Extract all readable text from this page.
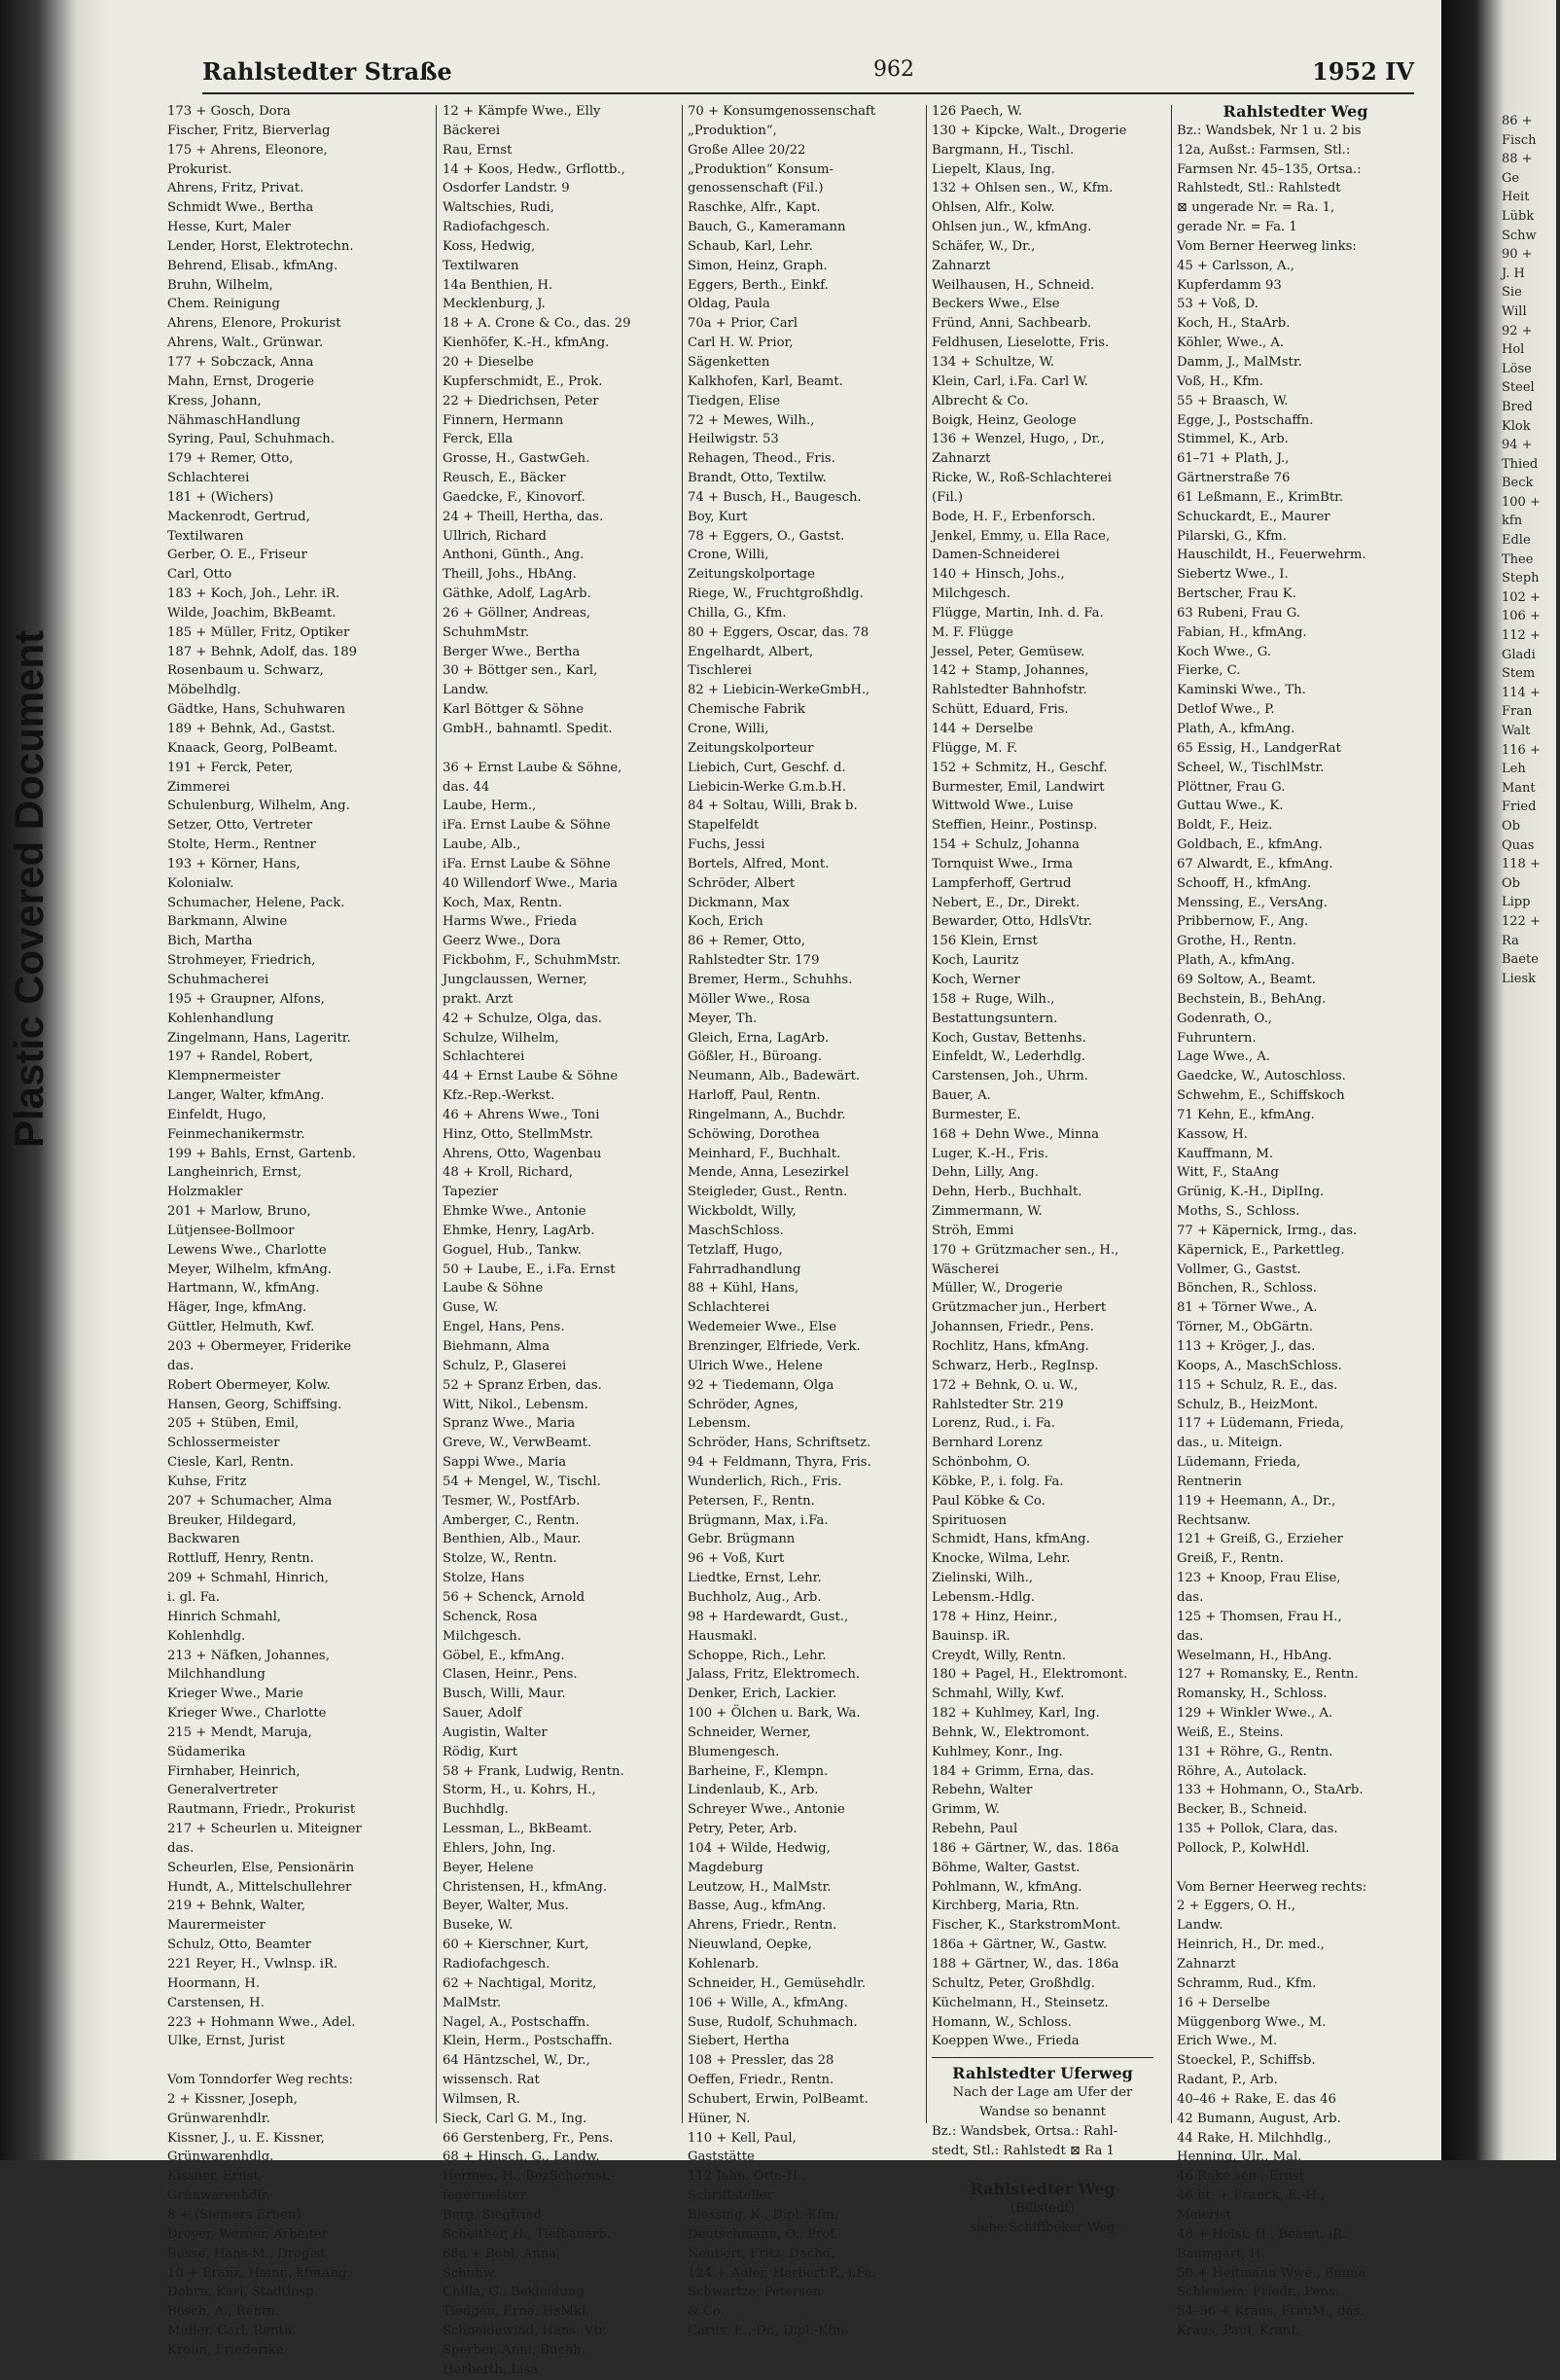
Plastic Covered Document
Rahlstedter Straße	962	1952 IV
173 + Gosch, Dora
Fischer, Fritz, Bierverlag
175 + Ahrens, Eleonore,
Prokurist.
Ahrens, Fritz, Privat.
Schmidt Wwe., Bertha
Hesse, Kurt, Maler
Lender, Horst, Elektrotechn.
Behrend, Elisab., kfmAng.
Bruhn, Wilhelm,
Chem. Reinigung
Ahrens, Elenore, Prokurist
Ahrens, Walt., Grünwar.
177 + Sobczack, Anna
Mahn, Ernst, Drogerie
Kress, Johann,
NähmaschHandlung
Syring, Paul, Schuhmach.
179 + Remer, Otto,
Schlachterei
181 + (Wichers)
Mackenrodt, Gertrud,
Textilwaren
Gerber, O. E., Friseur
Carl, Otto
183 + Koch, Joh., Lehr. iR.
Wilde, Joachim, BkBeamt.
185 + Müller, Fritz, Optiker
187 + Behnk, Adolf, das. 189
Rosenbaum u. Schwarz,
Möbelhdlg.
Gädtke, Hans, Schuhwaren
189 + Behnk, Ad., Gastst.
Knaack, Georg, PolBeamt.
191 + Ferck, Peter,
Zimmerei
Schulenburg, Wilhelm, Ang.
Setzer, Otto, Vertreter
Stolte, Herm., Rentner
193 + Körner, Hans,
Kolonialw.
Schumacher, Helene, Pack.
Barkmann, Alwine
Bich, Martha
Strohmeyer, Friedrich,
Schuhmacherei
195 + Graupner, Alfons,
Kohlenhandlung
Zingelmann, Hans, Lageritr.
197 + Randel, Robert,
Klempnermeister
Langer, Walter, kfmAng.
Einfeldt, Hugo,
Feinmechanikermstr.
199 + Bahls, Ernst, Gartenb.
Langheinrich, Ernst,
Holzmakler
201 + Marlow, Bruno,
Lütjensee-Bollmoor
Lewens Wwe., Charlotte
Meyer, Wilhelm, kfmAng.
Hartmann, W., kfmAng.
Häger, Inge, kfmAng.
Güttler, Helmuth, Kwf.
203 + Obermeyer, Friderike
das.
Robert Obermeyer, Kolw.
Hansen, Georg, Schiffsing.
205 + Stüben, Emil,
Schlossermeister
Ciesle, Karl, Rentn.
Kuhse, Fritz
207 + Schumacher, Alma
Breuker, Hildegard,
Backwaren
Rottluff, Henry, Rentn.
209 + Schmahl, Hinrich,
i. gl. Fa.
Hinrich Schmahl,
Kohlenhdlg.
213 + Näfken, Johannes,
Milchhandlung
Krieger Wwe., Marie
Krieger Wwe., Charlotte
215 + Mendt, Maruja,
Südamerika
Firnhaber, Heinrich,
Generalvertreter
Rautmann, Friedr., Prokurist
217 + Scheurlen u. Miteigner
das.
Scheurlen, Else, Pensionärin
Hundt, A., Mittelschullehrer
219 + Behnk, Walter,
Maurermeister
Schulz, Otto, Beamter
221 Reyer, H., Vwlnsp. iR.
Hoormann, H.
Carstensen, H.
223 + Hohmann Wwe., Adel.
Ulke, Ernst, Jurist
Vom Tonndorfer Weg rechts:
2 + Kissner, Joseph,
Grünwarenhdlr.
Kissner, J., u. E. Kissner,
Grünwarenhdlg.
Kissner, Ernst,
Grünwarenhdlr.
8 + (Siemers Erben)
Dreyer, Werner, Arbeiter
Busse, Hans-M., Drogist
10 + Franz, Heinr., kfmAng.
Dohrn, Karl, Stadtinsp.
Bösch, A., Rentn.
Müller, Carl, Rentn.
Krohn, Friederike
12 + Kämpfe Wwe., Elly
Bäckerei
Rau, Ernst
14 + Koos, Hedw., Grflottb.,
Osdorfer Landstr. 9
Waltschies, Rudi,
Radiofachgesch.
Koss, Hedwig,
Textilwaren
14a Benthien, H.
Mecklenburg, J.
18 + A. Crone & Co., das. 29
Kienhöfer, K.-H., kfmAng.
20 + Dieselbe
Kupferschmidt, E., Prok.
22 + Diedrichsen, Peter
Finnern, Hermann
Ferck, Ella
Grosse, H., GastwGeh.
Reusch, E., Bäcker
Gaedcke, F., Kinovorf.
24 + Theill, Hertha, das.
Ullrich, Richard
Anthoni, Günth., Ang.
Theill, Johs., HbAng.
Gäthke, Adolf, LagArb.
26 + Göllner, Andreas,
SchuhmMstr.
Berger Wwe., Bertha
30 + Böttger sen., Karl,
Landw.
Karl Böttger & Söhne
GmbH., bahnamtl. Spedit.
36 + Ernst Laube & Söhne,
das. 44
Laube, Herm.,
iFa. Ernst Laube & Söhne
Laube, Alb.,
iFa. Ernst Laube & Söhne
40 Willendorf Wwe., Maria
Koch, Max, Rentn.
Harms Wwe., Frieda
Geerz Wwe., Dora
Fickbohm, F., SchuhmMstr.
Jungclaussen, Werner,
prakt. Arzt
42 + Schulze, Olga, das.
Schulze, Wilhelm,
Schlachterei
44 + Ernst Laube & Söhne
Kfz.-Rep.-Werkst.
46 + Ahrens Wwe., Toni
Hinz, Otto, StellmMstr.
Ahrens, Otto, Wagenbau
48 + Kroll, Richard,
Tapezier
Ehmke Wwe., Antonie
Ehmke, Henry, LagArb.
Goguel, Hub., Tankw.
50 + Laube, E., i.Fa. Ernst
Laube & Söhne
Guse, W.
Engel, Hans, Pens.
Biehmann, Alma
Schulz, P., Glaserei
52 + Spranz Erben, das.
Witt, Nikol., Lebensm.
Spranz Wwe., Maria
Greve, W., VerwBeamt.
Sappi Wwe., Maria
54 + Mengel, W., Tischl.
Tesmer, W., PostfArb.
Amberger, C., Rentn.
Benthien, Alb., Maur.
Stolze, W., Rentn.
Stolze, Hans
56 + Schenck, Arnold
Schenck, Rosa
Milchgesch.
Göbel, E., kfmAng.
Clasen, Heinr., Pens.
Busch, Willi, Maur.
Sauer, Adolf
Augistin, Walter
Rödig, Kurt
58 + Frank, Ludwig, Rentn.
Storm, H., u. Kohrs, H.,
Buchhdlg.
Lessman, L., BkBeamt.
Ehlers, John, Ing.
Beyer, Helene
Christensen, H., kfmAng.
Beyer, Walter, Mus.
Buseke, W.
60 + Kierschner, Kurt,
Radiofachgesch.
62 + Nachtigal, Moritz,
MalMstr.
Nagel, A., Postschaffn.
Klein, Herm., Postschaffn.
64 Häntzschel, W., Dr.,
wissensch. Rat
Wilmsen, R.
Sieck, Carl G. M., Ing.
66 Gerstenberg, Fr., Pens.
68 + Hinsch, G., Landw.
Hermes, H., BezSchornst.-
fegermeister
Berg, Siegfried
Scheither, H., Tiefbauarb.
68a + Böhl, Anna,
Schuhw.
Chilla, G., Bekleidung
Tiedgen, Erna, HsMkl.
Schneidewind, Hans, Vtr.
Sperber, Anni, Buchh.
Herberth, Lisa
70 + Konsumgenossenschaft
„Produktion“,
Große Allee 20/22
„Produktion“ Konsum-
genossenschaft (Fil.)
Raschke, Alfr., Kapt.
Bauch, G., Kameramann
Schaub, Karl, Lehr.
Simon, Heinz, Graph.
Eggers, Berth., Einkf.
Oldag, Paula
70a + Prior, Carl
Carl H. W. Prior,
Sägenketten
Kalkhofen, Karl, Beamt.
Tiedgen, Elise
72 + Mewes, Wilh.,
Heilwigstr. 53
Rehagen, Theod., Fris.
Brandt, Otto, Textilw.
74 + Busch, H., Baugesch.
Boy, Kurt
78 + Eggers, O., Gastst.
Crone, Willi,
Zeitungskolportage
Riege, W., Fruchtgroßhdlg.
Chilla, G., Kfm.
80 + Eggers, Oscar, das. 78
Engelhardt, Albert,
Tischlerei
82 + Liebicin-WerkeGmbH.,
Chemische Fabrik
Crone, Willi,
Zeitungskolporteur
Liebich, Curt, Geschf. d.
Liebicin-Werke G.m.b.H.
84 + Soltau, Willi, Brak b.
Stapelfeldt
Fuchs, Jessi
Bortels, Alfred, Mont.
Schröder, Albert
Dickmann, Max
Koch, Erich
86 + Remer, Otto,
Rahlstedter Str. 179
Bremer, Herm., Schuhhs.
Möller Wwe., Rosa
Meyer, Th.
Gleich, Erna, LagArb.
Gößler, H., Büroang.
Neumann, Alb., Badewärt.
Harloff, Paul, Rentn.
Ringelmann, A., Buchdr.
Schöwing, Dorothea
Meinhard, F., Buchhalt.
Mende, Anna, Lesezirkel
Steigleder, Gust., Rentn.
Wickboldt, Willy,
MaschSchloss.
Tetzlaff, Hugo,
Fahrradhandlung
88 + Kühl, Hans,
Schlachterei
Wedemeier Wwe., Else
Brenzinger, Elfriede, Verk.
Ulrich Wwe., Helene
92 + Tiedemann, Olga
Schröder, Agnes,
Lebensm.
Schröder, Hans, Schriftsetz.
94 + Feldmann, Thyra, Fris.
Wunderlich, Rich., Fris.
Petersen, F., Rentn.
Brügmann, Max, i.Fa.
Gebr. Brügmann
96 + Voß, Kurt
Liedtke, Ernst, Lehr.
Buchholz, Aug., Arb.
98 + Hardewardt, Gust.,
Hausmakl.
Schoppe, Rich., Lehr.
Jalass, Fritz, Elektromech.
Denker, Erich, Lackier.
100 + Ölchen u. Bark, Wa.
Schneider, Werner,
Blumengesch.
Barheine, F., Klempn.
Lindenlaub, K., Arb.
Schreyer Wwe., Antonie
Petry, Peter, Arb.
104 + Wilde, Hedwig,
Magdeburg
Leutzow, H., MalMstr.
Basse, Aug., kfmAng.
Ahrens, Friedr., Rentn.
Nieuwland, Oepke,
Kohlenarb.
Schneider, H., Gemüsehdlr.
106 + Wille, A., kfmAng.
Suse, Rudolf, Schuhmach.
Siebert, Hertha
108 + Pressler, das 28
Oeffen, Friedr., Rentn.
Schubert, Erwin, PolBeamt.
Hüner, N.
110 + Kell, Paul,
Gaststätte
112 Jahn, Otto-H.,
Schriftsteller
Blessing, K., Dipl.-Kfm.
Deutschmann, O., Prof.
Neubert, Fritz, Dachd.
124 + Adler, Herbert F., i.Fa.
Schwartze, Petersen
& Co.
Carus, E., Dr., Dipl.-Kfm.
126 Paech, W.
130 + Kipcke, Walt., Drogerie
Bargmann, H., Tischl.
Liepelt, Klaus, Ing.
132 + Ohlsen sen., W., Kfm.
Ohlsen, Alfr., Kolw.
Ohlsen jun., W., kfmAng.
Schäfer, W., Dr.,
Zahnarzt
Weilhausen, H., Schneid.
Beckers Wwe., Else
Fründ, Anni, Sachbearb.
Feldhusen, Lieselotte, Fris.
134 + Schultze, W.
Klein, Carl, i.Fa. Carl W.
Albrecht & Co.
Boigk, Heinz, Geologe
136 + Wenzel, Hugo, , Dr.,
Zahnarzt
Ricke, W., Roß-Schlachterei
(Fil.)
Bode, H. F., Erbenforsch.
Jenkel, Emmy, u. Ella Race,
Damen-Schneiderei
140 + Hinsch, Johs.,
Milchgesch.
Flügge, Martin, Inh. d. Fa.
M. F. Flügge
Jessel, Peter, Gemüsew.
142 + Stamp, Johannes,
Rahlstedter Bahnhofstr.
Schütt, Eduard, Fris.
144 + Derselbe
Flügge, M. F.
152 + Schmitz, H., Geschf.
Burmester, Emil, Landwirt
Wittwold Wwe., Luise
Steffien, Heinr., Postinsp.
154 + Schulz, Johanna
Tornquist Wwe., Irma
Lampferhoff, Gertrud
Nebert, E., Dr., Direkt.
Bewarder, Otto, HdlsVtr.
156 Klein, Ernst
Koch, Lauritz
Koch, Werner
158 + Ruge, Wilh.,
Bestattungsuntern.
Koch, Gustav, Bettenhs.
Einfeldt, W., Lederhdlg.
Carstensen, Joh., Uhrm.
Bauer, A.
Burmester, E.
168 + Dehn Wwe., Minna
Luger, K.-H., Fris.
Dehn, Lilly, Ang.
Dehn, Herb., Buchhalt.
Zimmermann, W.
Ströh, Emmi
170 + Grützmacher sen., H.,
Wäscherei
Müller, W., Drogerie
Grützmacher jun., Herbert
Johannsen, Friedr., Pens.
Rochlitz, Hans, kfmAng.
Schwarz, Herb., RegInsp.
172 + Behnk, O. u. W.,
Rahlstedter Str. 219
Lorenz, Rud., i. Fa.
Bernhard Lorenz
Schönbohm, O.
Köbke, P., i. folg. Fa.
Paul Köbke & Co.
Spirituosen
Schmidt, Hans, kfmAng.
Knocke, Wilma, Lehr.
Zielinski, Wilh.,
Lebensm.-Hdlg.
178 + Hinz, Heinr.,
Bauinsp. iR.
Creydt, Willy, Rentn.
180 + Pagel, H., Elektromont.
Schmahl, Willy, Kwf.
182 + Kuhlmey, Karl, Ing.
Behnk, W., Elektromont.
Kuhlmey, Konr., Ing.
184 + Grimm, Erna, das.
Rebehn, Walter
Grimm, W.
Rebehn, Paul
186 + Gärtner, W., das. 186a
Böhme, Walter, Gastst.
Pohlmann, W., kfmAng.
Kirchberg, Maria, Rtn.
Fischer, K., StarkstromMont.
186a + Gärtner, W., Gastw.
188 + Gärtner, W., das. 186a
Schultz, Peter, Großhdlg.
Küchelmann, H., Steinsetz.
Homann, W., Schloss.
Koeppen Wwe., Frieda
Rahlstedter Uferweg
Nach der Lage am Ufer der
Wandse so benannt
Bz.: Wandsbek, Ortsa.: Rahl-
stedt, Stl.: Rahlstedt ⊠ Ra 1
Rahlstedter Weg
(Billstedt)
siehe Schiffbeker Weg
Rahlstedter Weg
Bz.: Wandsbek, Nr 1 u. 2 bis
12a, Außst.: Farmsen, Stl.:
Farmsen Nr. 45–135, Ortsa.:
Rahlstedt, Stl.: Rahlstedt
⊠ ungerade Nr. = Ra. 1,
gerade Nr. = Fa. 1
Vom Berner Heerweg links:
45 + Carlsson, A.,
Kupferdamm 93
53 + Voß, D.
Koch, H., StaArb.
Köhler, Wwe., A.
Damm, J., MalMstr.
Voß, H., Kfm.
55 + Braasch, W.
Egge, J., Postschaffn.
Stimmel, K., Arb.
61–71 + Plath, J.,
Gärtnerstraße 76
61 Leßmann, E., KrimBtr.
Schuckardt, E., Maurer
Pilarski, G., Kfm.
Hauschildt, H., Feuerwehrm.
Siebertz Wwe., I.
Bertscher, Frau K.
63 Rubeni, Frau G.
Fabian, H., kfmAng.
Koch Wwe., G.
Fierke, C.
Kaminski Wwe., Th.
Detlof Wwe., P.
Plath, A., kfmAng.
65 Essig, H., LandgerRat
Scheel, W., TischlMstr.
Plöttner, Frau G.
Guttau Wwe., K.
Boldt, F., Heiz.
Goldbach, E., kfmAng.
67 Alwardt, E., kfmAng.
Schooff, H., kfmAng.
Menssing, E., VersAng.
Pribbernow, F., Ang.
Grothe, H., Rentn.
Plath, A., kfmAng.
69 Soltow, A., Beamt.
Bechstein, B., BehAng.
Godenrath, O.,
Fuhruntern.
Lage Wwe., A.
Gaedcke, W., Autoschloss.
Schwehm, E., Schiffskoch
71 Kehn, E., kfmAng.
Kassow, H.
Kauffmann, M.
Witt, F., StaAng
Grünig, K.-H., DiplIng.
Moths, S., Schloss.
77 + Käpernick, Irmg., das.
Käpernick, E., Parkettleg.
Vollmer, G., Gastst.
Bönchen, R., Schloss.
81 + Törner Wwe., A.
Törner, M., ObGärtn.
113 + Kröger, J., das.
Koops, A., MaschSchloss.
115 + Schulz, R. E., das.
Schulz, B., HeizMont.
117 + Lüdemann, Frieda,
das., u. Miteign.
Lüdemann, Frieda,
Rentnerin
119 + Heemann, A., Dr.,
Rechtsanw.
121 + Greiß, G., Erzieher
Greiß, F., Rentn.
123 + Knoop, Frau Elise,
das.
125 + Thomsen, Frau H.,
das.
Weselmann, H., HbAng.
127 + Romansky, E., Rentn.
Romansky, H., Schloss.
129 + Winkler Wwe., A.
Weiß, E., Steins.
131 + Röhre, G., Rentn.
Röhre, A., Autolack.
133 + Hohmann, O., StaArb.
Becker, B., Schneid.
135 + Pollok, Clara, das.
Pollock, P., KolwHdl.
Vom Berner Heerweg rechts:
2 + Eggers, O. H.,
Landw.
Heinrich, H., Dr. med.,
Zahnarzt
Schramm, Rud., Kfm.
16 + Derselbe
Müggenborg Wwe., M.
Erich Wwe., M.
Stoeckel, P., Schiffsb.
Radant, P., Arb.
40–46 + Rake, E. das 46
42 Bumann, August, Arb.
44 Rake, H. Milchhdlg.,
Henning, Ulr., Mal.
46 Rake sen., Ernst
46 ht. + Franck, E.-H.,
Meierist
48 + Holst, H., Beamt. iR.
Baumgart, H.
50 + Heitmann Wwe., Emma
Schleelein, Friedr., Pens.
54–56 + Kraus, FrauM., das.
Kraus, Paul, Kranf.
86 +
Fisch
88 +
Ge
Heit
Lübk
Schw
90 +
J. H
Sie
Will
92 +
Hol
Löse
Steel
Bred
Klok
94 +
Thied
Beck
100 +
kfn
Edle
Thee
Steph
102 +
106 +
112 +
Gladi
Stem
114 +
Fran
Walt
116 +
Leh
Mant
Fried
Ob
Quas
118 +
Ob
Lipp
122 +
Ra
Baete
Liesk
